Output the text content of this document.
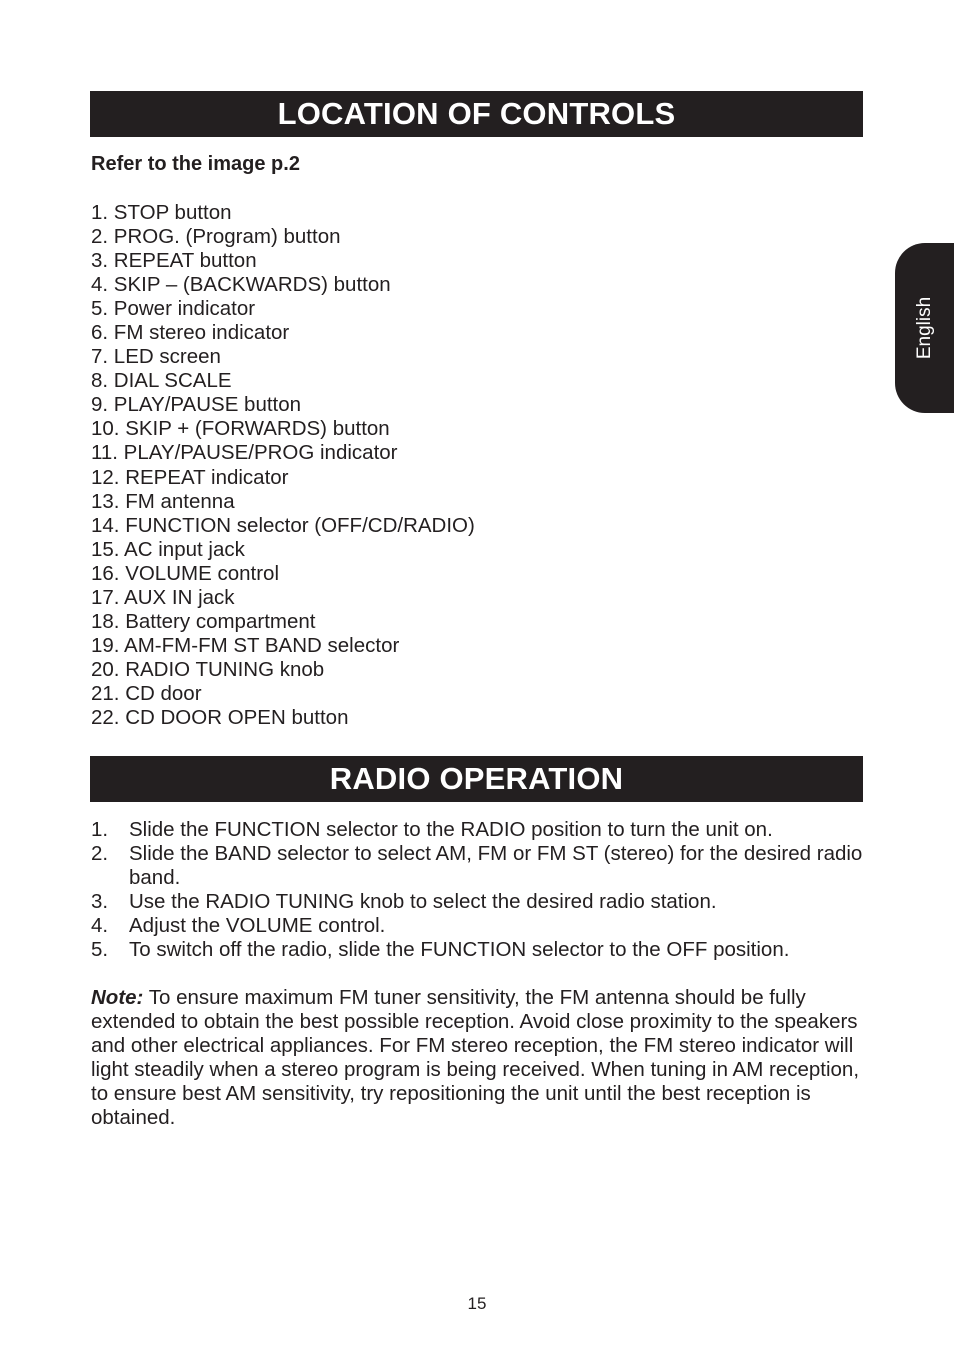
LOCATION OF CONTROLS
Refer to the image p.2
1. STOP button
2. PROG. (Program) button
3. REPEAT button
4. SKIP – (BACKWARDS) button
5. Power indicator
6. FM stereo indicator
7. LED screen
8. DIAL SCALE
9. PLAY/PAUSE button
10. SKIP + (FORWARDS) button
11. PLAY/PAUSE/PROG indicator
12. REPEAT indicator
13. FM antenna
14. FUNCTION selector (OFF/CD/RADIO)
15. AC input jack
16. VOLUME control
17. AUX IN jack
18. Battery compartment
19. AM-FM-FM ST BAND selector
20. RADIO TUNING knob
21. CD door
22. CD DOOR OPEN button
RADIO OPERATION
1. Slide the FUNCTION selector to the RADIO position to turn the unit on.
2. Slide the BAND selector to select AM, FM or FM ST (stereo) for the desired radio band.
3. Use the RADIO TUNING knob to select the desired radio station.
4. Adjust the VOLUME control.
5. To switch off the radio, slide the FUNCTION selector to the OFF position.

Note: To ensure maximum FM tuner sensitivity, the FM antenna should be fully extended to obtain the best possible reception. Avoid close proximity to the speakers and other electrical appliances. For FM stereo reception, the FM stereo indicator will light steadily when a stereo program is being received. When tuning in AM reception, to ensure best AM sensitivity, try repositioning the unit until the best reception is obtained.

English
15
